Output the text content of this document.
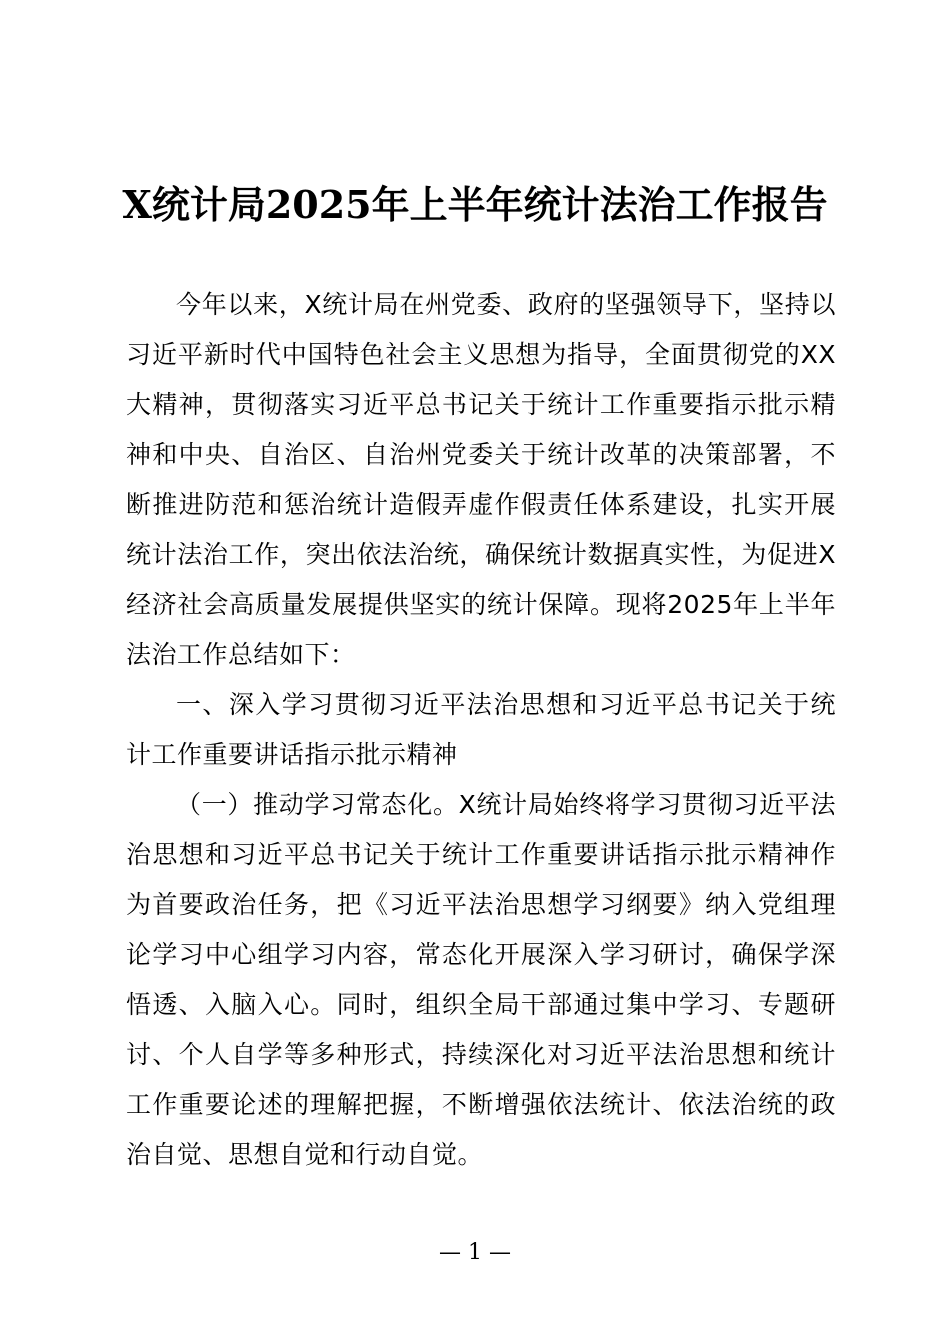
X统计局2025年上半年统计法治工作报告

今年以来，X统计局在州党委、政府的坚强领导下，坚持以习近平新时代中国特色社会主义思想为指导，全面贯彻党的XX大精神，贯彻落实习近平总书记关于统计工作重要指示批示精神和中央、自治区、自治州党委关于统计改革的决策部署，不断推进防范和惩治统计造假弄虚作假责任体系建设，扎实开展统计法治工作，突出依法治统，确保统计数据真实性，为促进X经济社会高质量发展提供坚实的统计保障。现将2025年上半年法治工作总结如下：

一、深入学习贯彻习近平法治思想和习近平总书记关于统计工作重要讲话指示批示精神

（一）推动学习常态化。X统计局始终将学习贯彻习近平法治思想和习近平总书记关于统计工作重要讲话指示批示精神作为首要政治任务，把《习近平法治思想学习纲要》纳入党组理论学习中心组学习内容，常态化开展深入学习研讨，确保学深悟透、入脑入心。同时，组织全局干部通过集中学习、专题研讨、个人自学等多种形式，持续深化对习近平法治思想和统计工作重要论述的理解把握，不断增强依法统计、依法治统的政治自觉、思想自觉和行动自觉。

— 1 —
